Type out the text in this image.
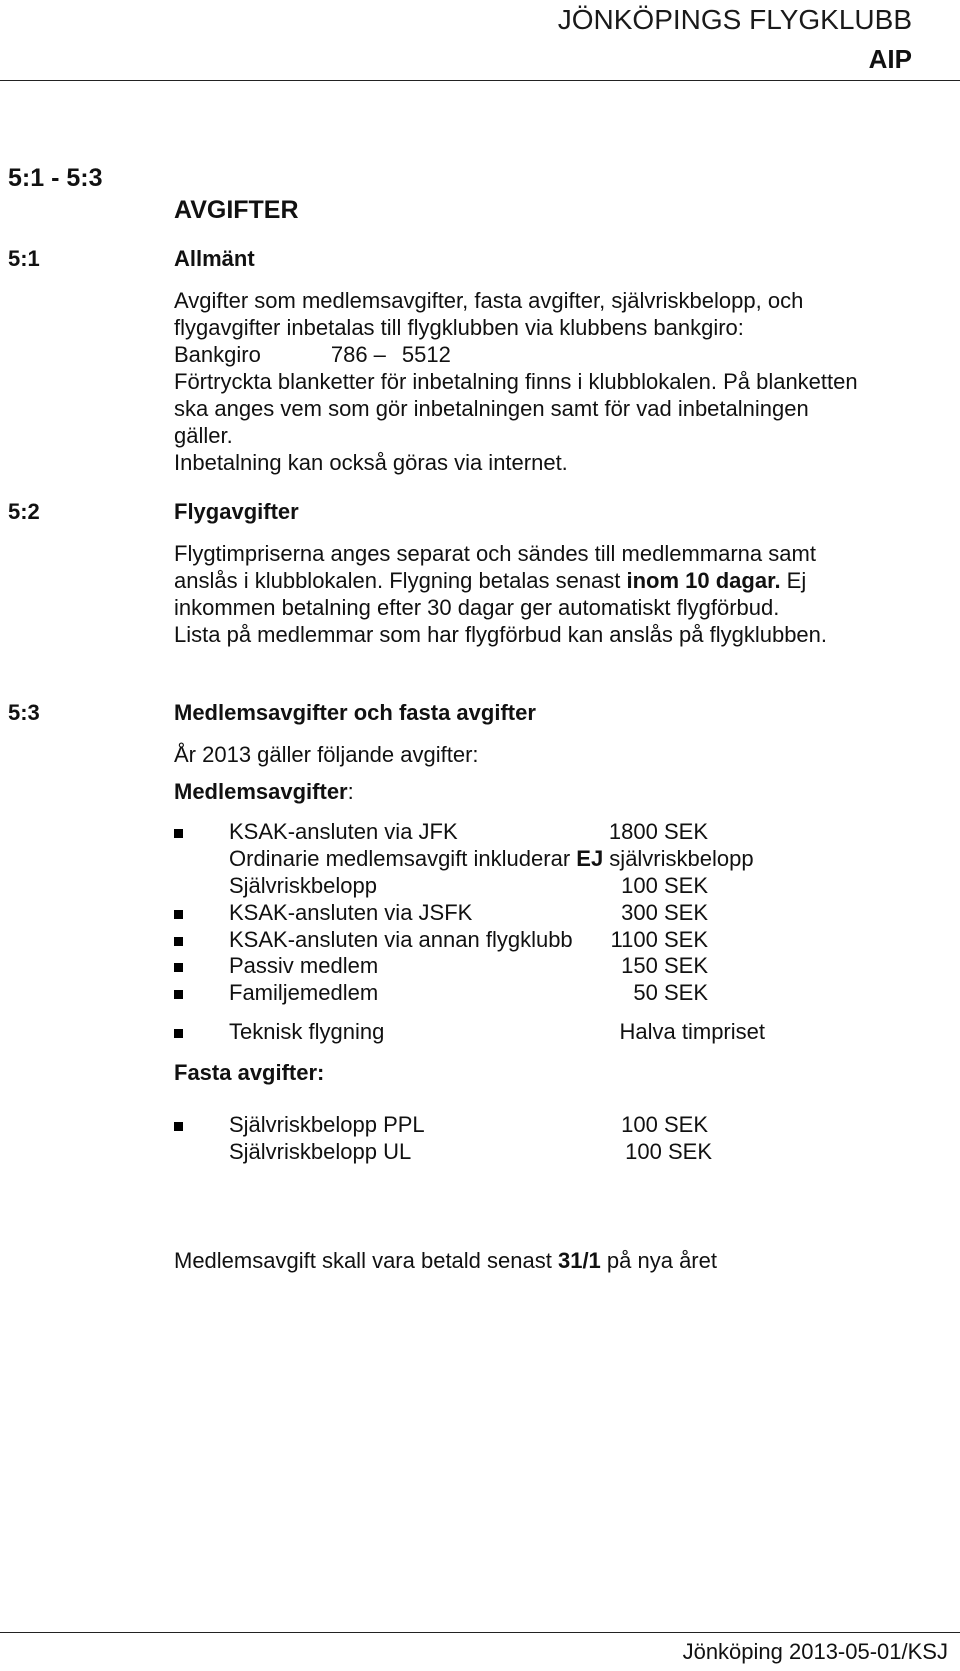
JÖNKÖPINGS FLYGKLUBB
AIP
5:1 - 5:3
AVGIFTER
5:1	Allmänt
Avgifter som medlemsavgifter, fasta avgifter, självriskbelopp, och
flygavgifter inbetalas till flygklubben via klubbens bankgiro:
Bankgiro	786 – 5512
Förtryckta blanketter för inbetalning finns i klubblokalen. På blanketten
ska anges vem som gör inbetalningen samt för vad inbetalningen
gäller.
Inbetalning kan också göras via internet.
5:2	Flygavgifter
Flygtimpriserna anges separat och sändes till medlemmarna samt
anslås i klubblokalen. Flygning betalas senast inom 10 dagar. Ej
inkommen betalning efter 30 dagar ger automatiskt flygförbud.
Lista på medlemmar som har flygförbud kan anslås på flygklubben.
5:3	Medlemsavgifter och fasta avgifter
År 2013 gäller följande avgifter:
Medlemsavgifter:
KSAK-ansluten via JFK	1800 SEK
Ordinarie medlemsavgift inkluderar EJ självriskbelopp
Självriskbelopp	100 SEK
KSAK-ansluten via JSFK	300 SEK
KSAK-ansluten via annan flygklubb 1100 SEK
Passiv medlem	150 SEK
Familjemedlem	50 SEK
Teknisk flygning	Halva timpriset
Fasta avgifter:
Självriskbelopp PPL	100 SEK
Självriskbelopp UL	100 SEK
Medlemsavgift skall vara betald senast 31/1 på nya året
Jönköping 2013-05-01/KSJ
